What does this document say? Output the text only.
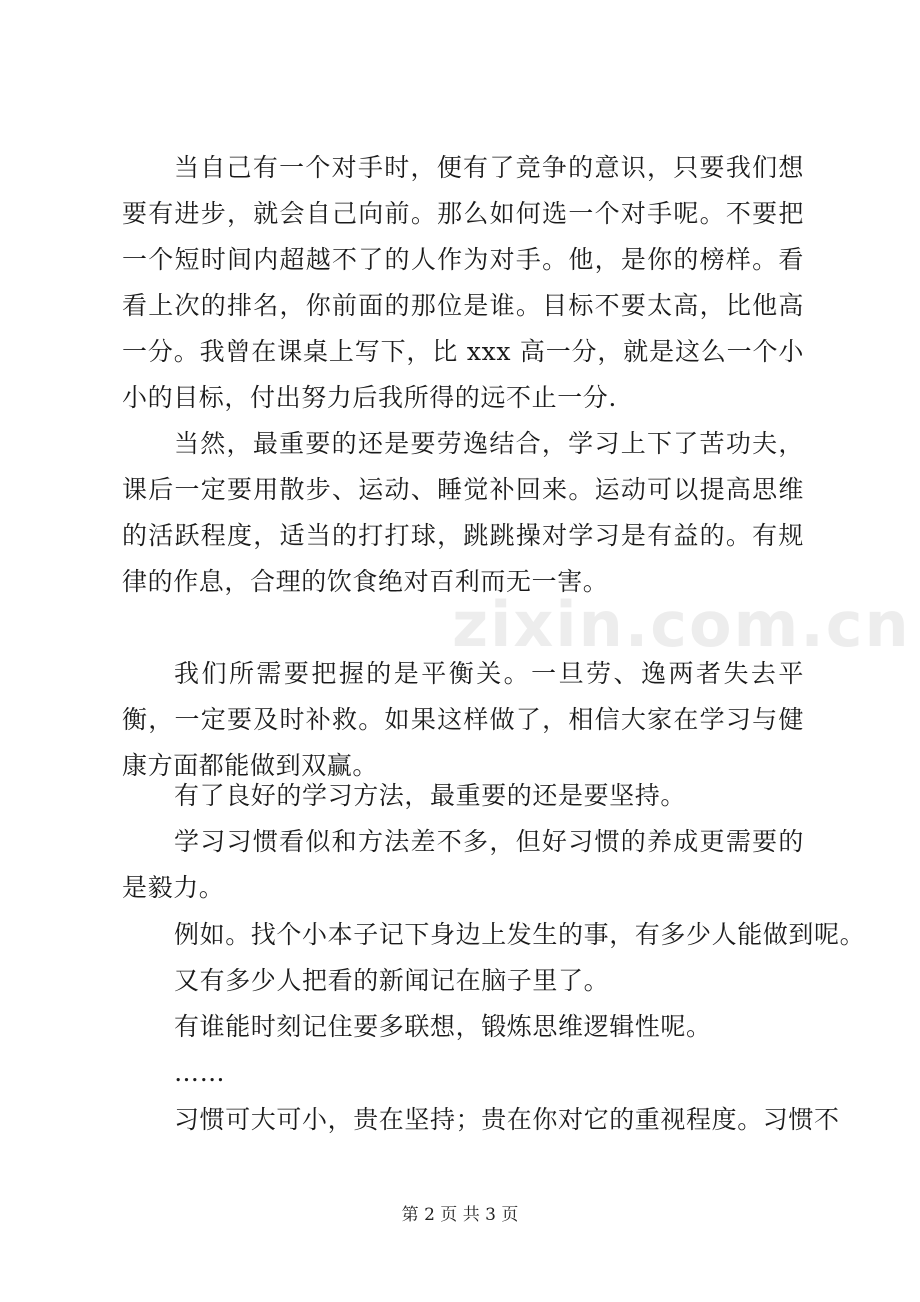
当自己有一个对手时，便有了竞争的意识，只要我们想要有进步，就会自己向前。那么如何选一个对手呢。不要把一个短时间内超越不了的人作为对手。他，是你的榜样。看看上次的排名，你前面的那位是谁。目标不要太高，比他高一分。我曾在课桌上写下，比 xxx 高一分，就是这么一个小小的目标，付出努力后我所得的远不止一分.

当然，最重要的还是要劳逸结合，学习上下了苦功夫，课后一定要用散步、运动、睡觉补回来。运动可以提高思维的活跃程度，适当的打打球，跳跳操对学习是有益的。有规律的作息，合理的饮食绝对百利而无一害。

我们所需要把握的是平衡关。一旦劳、逸两者失去平衡，一定要及时补救。如果这样做了，相信大家在学习与健康方面都能做到双赢。

有了良好的学习方法，最重要的还是要坚持。

学习习惯看似和方法差不多，但好习惯的养成更需要的是毅力。

例如。找个小本子记下身边上发生的事，有多少人能做到呢。

又有多少人把看的新闻记在脑子里了。

有谁能时刻记住要多联想，锻炼思维逻辑性呢。

……

习惯可大可小，贵在坚持；贵在你对它的重视程度。习惯不

zixin.com.cn
第 2 页 共 3 页
